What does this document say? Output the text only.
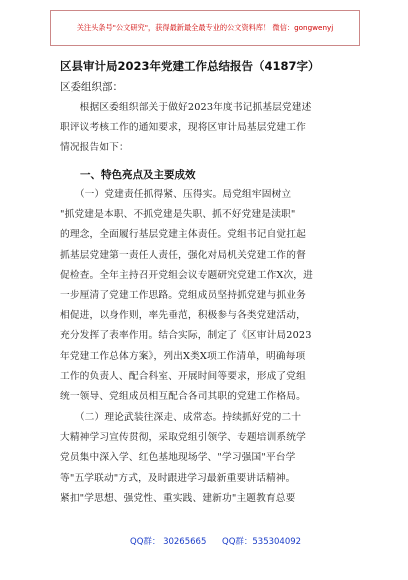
关注头条号"公文研究"，获得最新最全最专业的公文资料库！ 微信：gongwenyj
区县审计局2023年党建工作总结报告（4187字）
区委组织部：
　　根据区委组织部关于做好2023年度书记抓基层党建述
职评议考核工作的通知要求，现将区审计局基层党建工作
情况报告如下：
一、特色亮点及主要成效
　　（一）党建责任抓得紧、压得实。局党组牢固树立
"抓党建是本职、不抓党建是失职、抓不好党建是渎职"
的理念，全面履行基层党建主体责任。党组书记自觉扛起
抓基层党建第一责任人责任，强化对局机关党建工作的督
促检查。全年主持召开党组会议专题研究党建工作X次，进
一步厘清了党建工作思路。党组成员坚持抓党建与抓业务
相促进，以身作则，率先垂范，积极参与各类党建活动，
充分发挥了表率作用。结合实际，制定了《区审计局2023
年党建工作总体方案》，列出X类X项工作清单，明确每项
工作的负责人、配合科室、开展时间等要求，形成了党组
统一领导、党组成员相互配合各司其职的党建工作格局。
　　（二）理论武装往深走、成常态。持续抓好党的二十
大精神学习宣传贯彻，采取党组引领学、专题培训系统学
党员集中深入学、红色基地现场学、"学习强国"平台学
等"五学联动"方式，及时跟进学习最新重要讲话精神。
紧扣"学思想、强党性、重实践、建新功"主题教育总要
QQ群： 30265665 QQ群：535304092
